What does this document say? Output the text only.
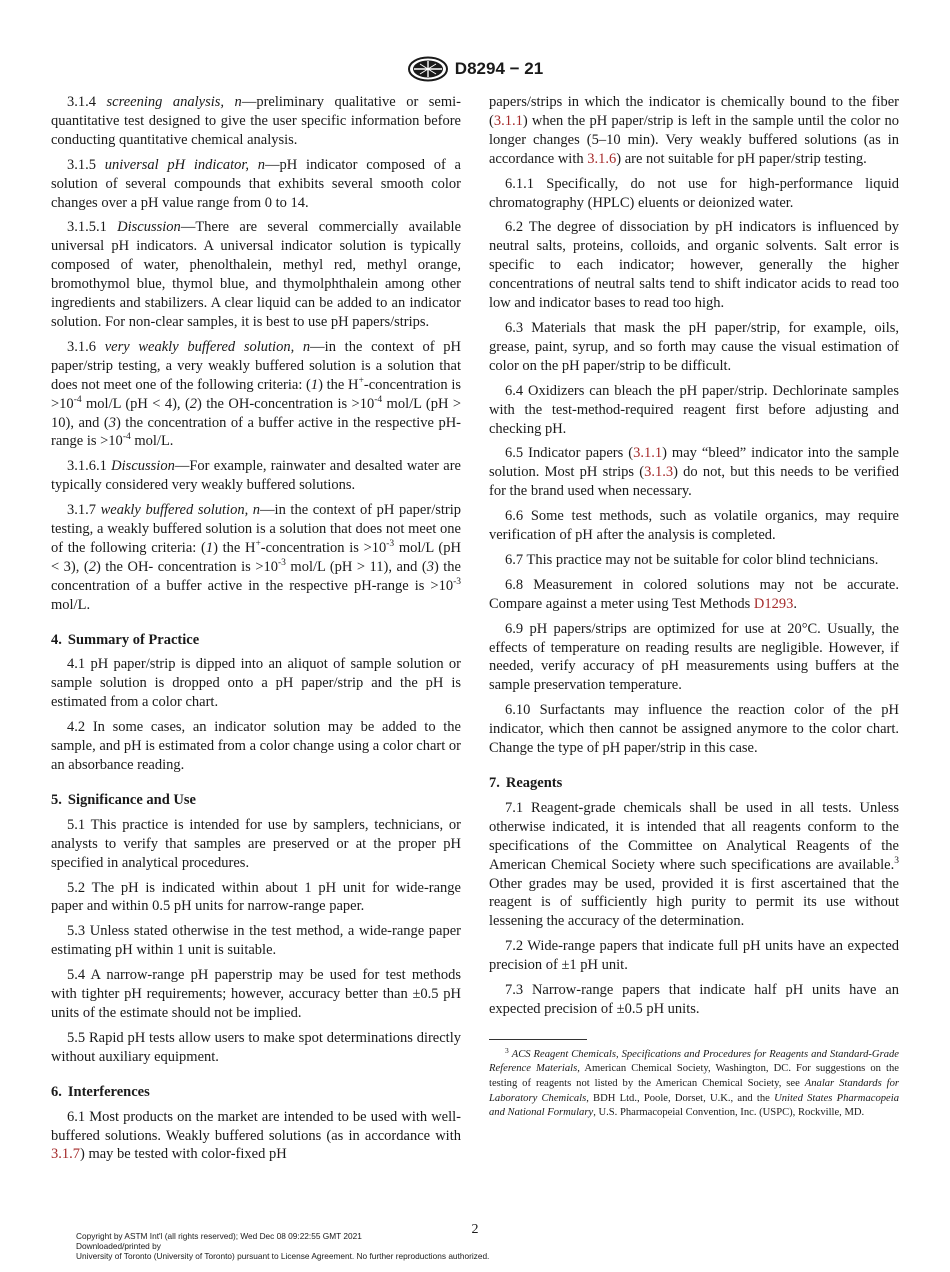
D8294 − 21

3.1.4 screening analysis, n—preliminary qualitative or semi-quantitative test designed to give the user specific information before conducting quantitative chemical analysis.

3.1.5 universal pH indicator, n—pH indicator composed of a solution of several compounds that exhibits several smooth color changes over a pH value range from 0 to 14.

3.1.5.1 Discussion—There are several commercially available universal pH indicators. A universal indicator solution is typically composed of water, phenolthalein, methyl red, methyl orange, bromothymol blue, thymol blue, and thymolphthalein among other ingredients and stabilizers. A clear liquid can be added to an indicator solution. For non-clear samples, it is best to use pH papers/strips.

3.1.6 very weakly buffered solution, n—in the context of pH paper/strip testing, a very weakly buffered solution is a solution that does not meet one of the following criteria: (1) the H+-concentration is $>10^{-4}$ mol/L (pH < 4), (2) the OH-concentration is $>10^{-4}$ mol/L (pH > 10), and (3) the concentration of a buffer active in the respective pH-range is $>10^{-4}$ mol/L.

3.1.6.1 Discussion—For example, rainwater and desalted water are typically considered very weakly buffered solutions.

3.1.7 weakly buffered solution, n—in the context of pH paper/strip testing, a weakly buffered solution is a solution that does not meet one of the following criteria: (1) the H+-concentration is $>10^{-3}$ mol/L (pH < 3), (2) the OH- concentration is $>10^{-3}$ mol/L (pH > 11), and (3) the concentration of a buffer active in the respective pH-range is $>10^{-3}$ mol/L.

4. Summary of Practice

4.1 pH paper/strip is dipped into an aliquot of sample solution or sample solution is dropped onto a pH paper/strip and the pH is estimated from a color chart.

4.2 In some cases, an indicator solution may be added to the sample, and pH is estimated from a color change using a color chart or an absorbance reading.

5. Significance and Use

5.1 This practice is intended for use by samplers, technicians, or analysts to verify that samples are preserved or at the proper pH specified in analytical procedures.

5.2 The pH is indicated within about 1 pH unit for wide-range paper and within 0.5 pH units for narrow-range paper.

5.3 Unless stated otherwise in the test method, a wide-range paper estimating pH within 1 unit is suitable.

5.4 A narrow-range pH paperstrip may be used for test methods with tighter pH requirements; however, accuracy better than ±0.5 pH units of the estimate should not be implied.

5.5 Rapid pH tests allow users to make spot determinations directly without auxiliary equipment.

6. Interferences

6.1 Most products on the market are intended to be used with well-buffered solutions. Weakly buffered solutions (as in accordance with 3.1.7) may be tested with color-fixed pH

papers/strips in which the indicator is chemically bound to the fiber (3.1.1) when the pH paper/strip is left in the sample until the color no longer changes (5–10 min). Very weakly buffered solutions (as in accordance with 3.1.6) are not suitable for pH paper/strip testing.

6.1.1 Specifically, do not use for high-performance liquid chromatography (HPLC) eluents or deionized water.

6.2 The degree of dissociation by pH indicators is influenced by neutral salts, proteins, colloids, and organic solvents. Salt error is specific to each indicator; however, generally the higher concentrations of neutral salts tend to shift indicator acids to read too low and indicator bases to read too high.

6.3 Materials that mask the pH paper/strip, for example, oils, grease, paint, syrup, and so forth may cause the visual estimation of color on the pH paper/strip to be difficult.

6.4 Oxidizers can bleach the pH paper/strip. Dechlorinate samples with the test-method-required reagent first before adjusting and checking pH.

6.5 Indicator papers (3.1.1) may “bleed” indicator into the sample solution. Most pH strips (3.1.3) do not, but this needs to be verified for the brand used when necessary.

6.6 Some test methods, such as volatile organics, may require verification of pH after the analysis is completed.

6.7 This practice may not be suitable for color blind technicians.

6.8 Measurement in colored solutions may not be accurate. Compare against a meter using Test Methods D1293.

6.9 pH papers/strips are optimized for use at 20°C. Usually, the effects of temperature on reading results are negligible. However, if needed, verify accuracy of pH measurements using buffers at the sample preservation temperature.

6.10 Surfactants may influence the reaction color of the pH indicator, which then cannot be assigned anymore to the color chart. Change the type of pH paper/strip in this case.

7. Reagents

7.1 Reagent-grade chemicals shall be used in all tests. Unless otherwise indicated, it is intended that all reagents conform to the specifications of the Committee on Analytical Reagents of the American Chemical Society where such specifications are available.$^3$ Other grades may be used, provided it is first ascertained that the reagent is of sufficiently high purity to permit its use without lessening the accuracy of the determination.

7.2 Wide-range papers that indicate full pH units have an expected precision of ±1 pH unit.

7.3 Narrow-range papers that indicate half pH units have an expected precision of ±0.5 pH units.

$^3$ ACS Reagent Chemicals, Specifications and Procedures for Reagents and Standard-Grade Reference Materials, American Chemical Society, Washington, DC. For suggestions on the testing of reagents not listed by the American Chemical Society, see Analar Standards for Laboratory Chemicals, BDH Ltd., Poole, Dorset, U.K., and the United States Pharmacopeia and National Formulary, U.S. Pharmacopeial Convention, Inc. (USPC), Rockville, MD.

2
Copyright by ASTM Int'l (all rights reserved); Wed Dec 08 09:22:55 GMT 2021
Downloaded/printed by
University of Toronto (University of Toronto) pursuant to License Agreement. No further reproductions authorized.
